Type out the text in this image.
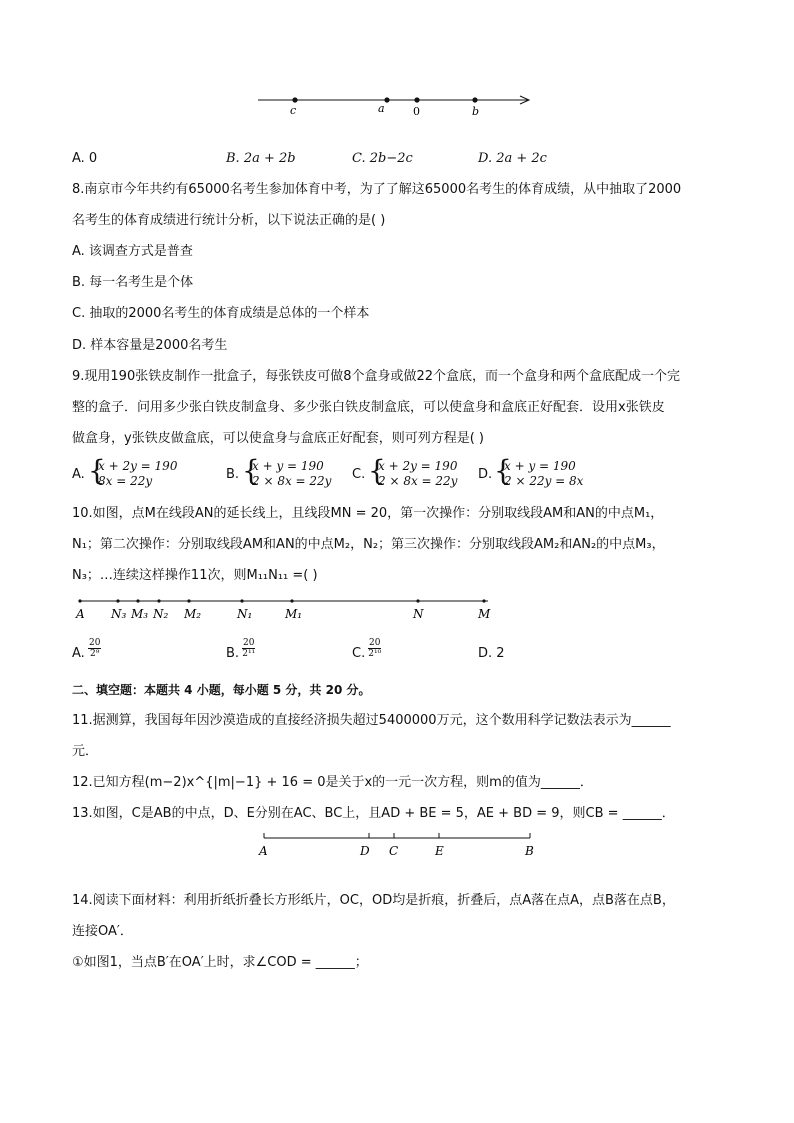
c	a	0	b
A. 0	B. 2a + 2b	C. 2b−2c	D. 2a + 2c
8.南京市今年共约有65000名考生参加体育中考，为了了解这65000名考生的体育成绩，从中抽取了2000
名考生的体育成绩进行统计分析，以下说法正确的是( )
A. 该调查方式是普查
B. 每一名考生是个体
C. 抽取的2000名考生的体育成绩是总体的一个样本
D. 样本容量是2000名考生
9.现用190张铁皮制作一批盒子，每张铁皮可做8个盒身或做22个盒底，而一个盒身和两个盒底配成一个完
整的盒子．问用多少张白铁皮制盒身、多少张白铁皮制盒底，可以使盒身和盒底正好配套．设用x张铁皮
做盒身，y张铁皮做盒底，可以使盒身与盒底正好配套，则可列方程是( )
A. {
x + 2y = 190
8x = 22y	B. {
x + y = 190
2 × 8x = 22y C. {
x + 2y = 190
2 × 8x = 22y D. {
x + y = 190
2 × 22y = 8x
10.如图，点M在线段AN的延长线上，且线段MN = 20，第一次操作：分别取线段AM和AN的中点M₁，
N₁；第二次操作：分别取线段AM和AN的中点M₂，N₂；第三次操作：分别取线段AM₂和AN₂的中点M₃，
N₃；…连续这样操作11次，则M₁₁N₁₁ =( )
A N₃ M₃ N₂ M₂	N₁	M₁	N	M
A. $\frac{20}{\text{2⁹}}$	B. $\frac{20}{\text{2¹¹}}$	C. $\frac{20}{\text{2¹⁰}}$	D. 2
二、填空题：本题共 4 小题，每小题 5 分，共 20 分。
11.据测算，我国每年因沙漠造成的直接经济损失超过5400000万元，这个数用科学记数法表示为______
元．
12.已知方程(m−2)x^{|m|−1} + 16 = 0是关于x的一元一次方程，则m的值为______．
13.如图，C是AB的中点，D、E分别在AC、BC上，且AD + BE = 5，AE + BD = 9，则CB = ______．
A	D C	E	B
14.阅读下面材料：利用折纸折叠长方形纸片，OC，OD均是折痕，折叠后，点A落在点A，点B落在点B，
连接OA′．
①如图1，当点B′在OA′上时，求∠COD = ______；
